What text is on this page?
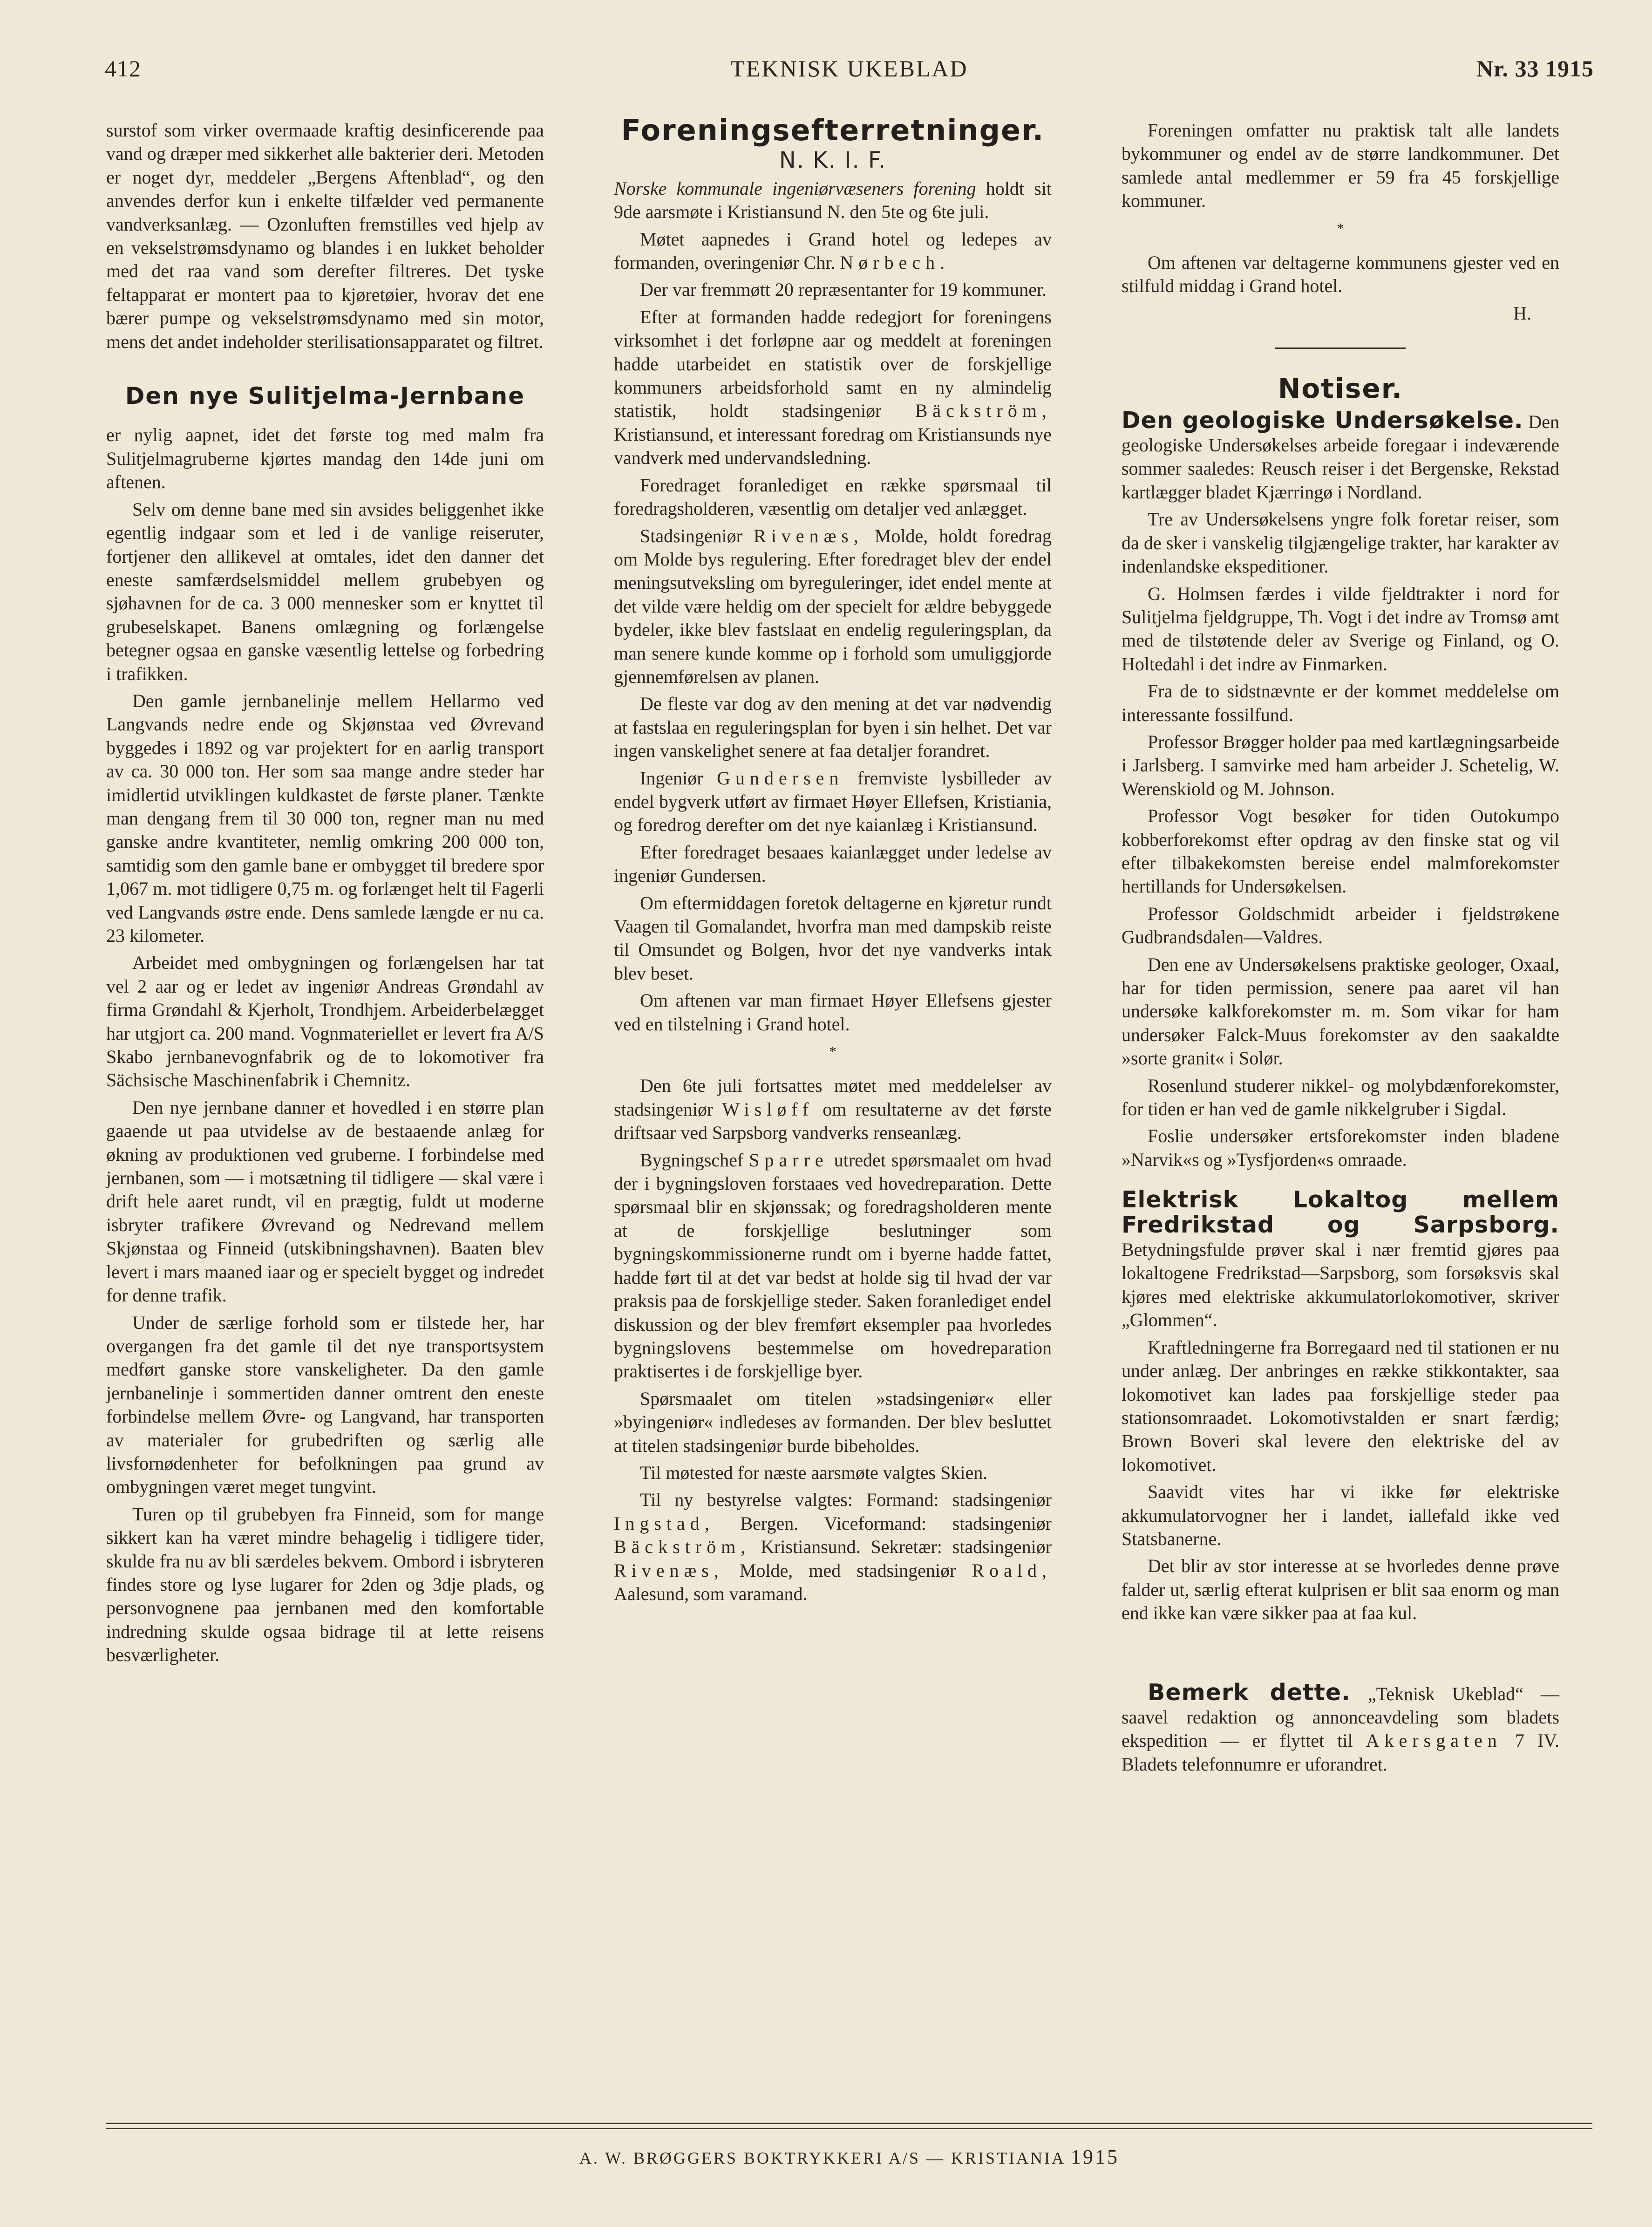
412	TEKNISK UKEBLAD	Nr. 33 1915

surstof som virker overmaade kraftig desinficerende paa vand og dræper med sikkerhet alle bakterier deri. Metoden er noget dyr, meddeler „Bergens Aftenblad“, og den anvendes derfor kun i enkelte tilfælder ved permanente vandverksanlæg. — Ozonluften fremstilles ved hjelp av en vekselstrømsdynamo og blandes i en lukket beholder med det raa vand som derefter filtreres. Det tyske feltapparat er montert paa to kjøretøier, hvorav det ene bærer pumpe og vekselstrømsdynamo med sin motor, mens det andet indeholder sterilisationsapparatet og filtret.

Den nye Sulitjelma-Jernbane

er nylig aapnet, idet det første tog med malm fra Sulitjelmagruberne kjørtes mandag den 14de juni om aftenen.

Selv om denne bane med sin avsides beliggenhet ikke egentlig indgaar som et led i de vanlige reiseruter, fortjener den allikevel at omtales, idet den danner det eneste samfærdselsmiddel mellem grubebyen og sjøhavnen for de ca. 3 000 mennesker som er knyttet til grubeselskapet. Banens omlægning og forlængelse betegner ogsaa en ganske væsentlig lettelse og forbedring i trafikken.

Den gamle jernbanelinje mellem Hellarmo ved Langvands nedre ende og Skjønstaa ved Øvrevand byggedes i 1892 og var projektert for en aarlig transport av ca. 30 000 ton. Her som saa mange andre steder har imidlertid utviklingen kuldkastet de første planer. Tænkte man dengang frem til 30 000 ton, regner man nu med ganske andre kvantiteter, nemlig omkring 200 000 ton, samtidig som den gamle bane er ombygget til bredere spor 1,067 m. mot tidligere 0,75 m. og forlænget helt til Fagerli ved Langvands østre ende. Dens samlede længde er nu ca. 23 kilometer.

Arbeidet med ombygningen og forlængelsen har tat vel 2 aar og er ledet av ingeniør Andreas Grøndahl av firma Grøndahl & Kjerholt, Trondhjem. Arbeiderbelægget har utgjort ca. 200 mand. Vognmateriellet er levert fra A/S Skabo jernbanevognfabrik og de to lokomotiver fra Sächsische Maschinenfabrik i Chemnitz.

Den nye jernbane danner et hovedled i en større plan gaaende ut paa utvidelse av de bestaaende anlæg for økning av produktionen ved gruberne. I forbindelse med jernbanen, som — i motsætning til tidligere — skal være i drift hele aaret rundt, vil en prægtig, fuldt ut moderne isbryter trafikere Øvrevand og Nedrevand mellem Skjønstaa og Finneid (utskibningshavnen). Baaten blev levert i mars maaned iaar og er specielt bygget og indredet for denne trafik.

Under de særlige forhold som er tilstede her, har overgangen fra det gamle til det nye transportsystem medført ganske store vanskeligheter. Da den gamle jernbanelinje i sommertiden danner omtrent den eneste forbindelse mellem Øvre- og Langvand, har transporten av materialer for grubedriften og særlig alle livsfornødenheter for befolkningen paa grund av ombygningen været meget tungvint.

Turen op til grubebyen fra Finneid, som for mange sikkert kan ha været mindre behagelig i tidligere tider, skulde fra nu av bli særdeles bekvem. Ombord i isbryteren findes store og lyse lugarer for 2den og 3dje plads, og personvognene paa jernbanen med den komfortable indredning skulde ogsaa bidrage til at lette reisens besværligheter.

Foreningsefterretninger.
N. K. I. F.

Norske kommunale ingeniørvæseners forening holdt sit 9de aarsmøte i Kristiansund N. den 5te og 6te juli.

Møtet aapnedes i Grand hotel og ledepes av formanden, overingeniør Chr. Nørbech.

Der var fremmøtt 20 repræsentanter for 19 kommuner.

Efter at formanden hadde redegjort for foreningens virksomhet i det forløpne aar og meddelt at foreningen hadde utarbeidet en statistik over de forskjellige kommuners arbeidsforhold samt en ny almindelig statistik, holdt stadsingeniør Bäckström, Kristiansund, et interessant foredrag om Kristiansunds nye vandverk med undervandsledning.

Foredraget foranlediget en række spørsmaal til foredragsholderen, væsentlig om detaljer ved anlægget.

Stadsingeniør Rivenæs, Molde, holdt foredrag om Molde bys regulering. Efter foredraget blev der endel meningsutveksling om byreguleringer, idet endel mente at det vilde være heldig om der specielt for ældre bebyggede bydeler, ikke blev fastslaat en endelig reguleringsplan, da man senere kunde komme op i forhold som umuliggjorde gjennemførelsen av planen.

De fleste var dog av den mening at det var nødvendig at fastslaa en reguleringsplan for byen i sin helhet. Det var ingen vanskelighet senere at faa detaljer forandret.

Ingeniør Gundersen fremviste lysbilleder av endel bygverk utført av firmaet Høyer Ellefsen, Kristiania, og foredrog derefter om det nye kaianlæg i Kristiansund.

Efter foredraget besaaes kaianlægget under ledelse av ingeniør Gundersen.

Om eftermiddagen foretok deltagerne en kjøretur rundt Vaagen til Gomalandet, hvorfra man med dampskib reiste til Omsundet og Bolgen, hvor det nye vandverks intak blev beset.

Om aftenen var man firmaet Høyer Ellefsens gjester ved en tilstelning i Grand hotel.

*

Den 6te juli fortsattes møtet med meddelelser av stadsingeniør Wisløff om resultaterne av det første driftsaar ved Sarpsborg vandverks renseanlæg.

Bygningschef Sparre utredet spørsmaalet om hvad der i bygningsloven forstaaes ved hovedreparation. Dette spørsmaal blir en skjønssak; og foredragsholderen mente at de forskjellige beslutninger som bygningskommissionerne rundt om i byerne hadde fattet, hadde ført til at det var bedst at holde sig til hvad der var praksis paa de forskjellige steder. Saken foranlediget endel diskussion og der blev fremført eksempler paa hvorledes bygningslovens bestemmelse om hovedreparation praktisertes i de forskjellige byer.

Spørsmaalet om titelen »stadsingeniør« eller »byingeniør« indledeses av formanden. Der blev besluttet at titelen stadsingeniør burde bibeholdes.

Til møtested for næste aarsmøte valgtes Skien.

Til ny bestyrelse valgtes: Formand: stadsingeniør Ingstad, Bergen. Viceformand: stadsingeniør Bäckström, Kristiansund. Sekretær: stadsingeniør Rivenæs, Molde, med stadsingeniør Roald, Aalesund, som varamand.

Foreningen omfatter nu praktisk talt alle landets bykommuner og endel av de større landkommuner. Det samlede antal medlemmer er 59 fra 45 forskjellige kommuner.

*

Om aftenen var deltagerne kommunens gjester ved en stilfuld middag i Grand hotel.

H.

Notiser.

Den geologiske Undersøkelse. Den geologiske Undersøkelses arbeide foregaar i indeværende sommer saaledes: Reusch reiser i det Bergenske, Rekstad kartlægger bladet Kjærringø i Nordland.

Tre av Undersøkelsens yngre folk foretar reiser, som da de sker i vanskelig tilgjængelige trakter, har karakter av indenlandske ekspeditioner.

G. Holmsen færdes i vilde fjeldtrakter i nord for Sulitjelma fjeldgruppe, Th. Vogt i det indre av Tromsø amt med de tilstøtende deler av Sverige og Finland, og O. Holtedahl i det indre av Finmarken.

Fra de to sidstnævnte er der kommet meddelelse om interessante fossilfund.

Professor Brøgger holder paa med kartlægningsarbeide i Jarlsberg. I samvirke med ham arbeider J. Schetelig, W. Werenskiold og M. Johnson.

Professor Vogt besøker for tiden Outokumpo kobberforekomst efter opdrag av den finske stat og vil efter tilbakekomsten bereise endel malmforekomster hertillands for Undersøkelsen.

Professor Goldschmidt arbeider i fjeldstrøkene Gudbrandsdalen—Valdres.

Den ene av Undersøkelsens praktiske geologer, Oxaal, har for tiden permission, senere paa aaret vil han undersøke kalkforekomster m. m. Som vikar for ham undersøker Falck-Muus forekomster av den saakaldte »sorte granit« i Solør.

Rosenlund studerer nikkel- og molybdænforekomster, for tiden er han ved de gamle nikkelgruber i Sigdal.

Foslie undersøker ertsforekomster inden bladene »Narvik«s og »Tysfjorden«s omraade.

Elektrisk Lokaltog mellem Fredrikstad og Sarpsborg. Betydningsfulde prøver skal i nær fremtid gjøres paa lokaltogene Fredrikstad—Sarpsborg, som forsøksvis skal kjøres med elektriske akkumulatorlokomotiver, skriver „Glommen“.

Kraftledningerne fra Borregaard ned til stationen er nu under anlæg. Der anbringes en række stikkontakter, saa lokomotivet kan lades paa forskjellige steder paa stationsomraadet. Lokomotivstalden er snart færdig; Brown Boveri skal levere den elektriske del av lokomotivet.

Saavidt vites har vi ikke før elektriske akkumulatorvogner her i landet, iallefald ikke ved Statsbanerne.

Det blir av stor interesse at se hvorledes denne prøve falder ut, særlig efterat kulprisen er blit saa enorm og man end ikke kan være sikker paa at faa kul.

Bemerk dette. „Teknisk Ukeblad“ — saavel redaktion og annonceavdeling som bladets ekspedition — er flyttet til Akersgaten 7 IV. Bladets telefonnumre er uforandret.

A. W. BRØGGERS BOKTRYKKERI A/S — KRISTIANIA 1915
